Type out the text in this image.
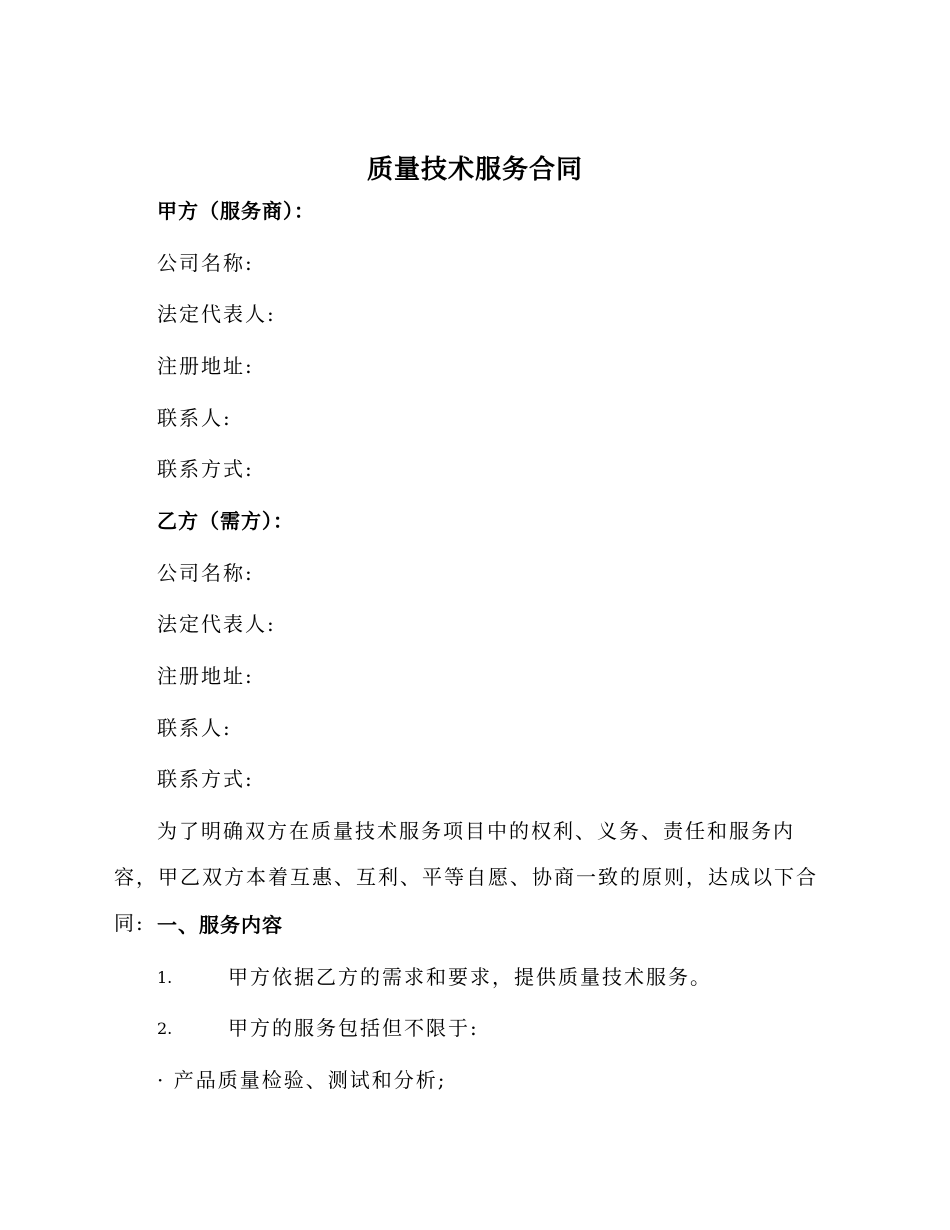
质量技术服务合同
甲方（服务商）：
公司名称:
法定代表人:
注册地址:
联系人:
联系方式:
乙方（需方）：
公司名称:
法定代表人:
注册地址:
联系人:
联系方式:
为了明确双方在质量技术服务项目中的权利、义务、责任和服务内容，甲乙双方本着互惠、互利、平等自愿、协商一致的原则，达成以下合同: 一、服务内容
1.	甲方依据乙方的需求和要求，提供质量技术服务。
2.	甲方的服务包括但不限于:
· 产品质量检验、测试和分析;
